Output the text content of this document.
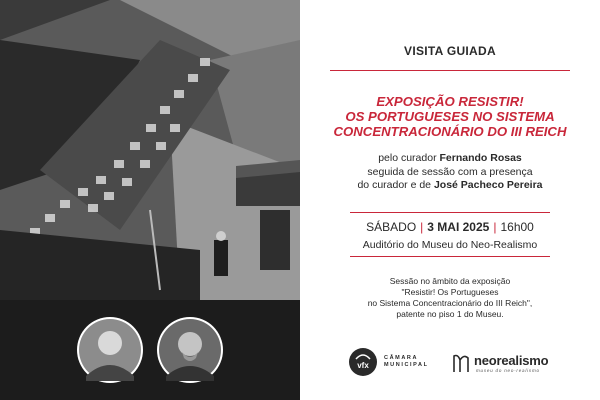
VISITA GUIADA
EXPOSIÇÃO RESISTIR!
OS PORTUGUESES NO SISTEMA
CONCENTRACIONÁRIO DO III REICH
pelo curador Fernando Rosas
seguida de sessão com a presença
do curador e de José Pacheco Pereira
SÁBADO | 3 MAI 2025 | 16h00
Auditório do Museu do Neo-Realismo
Sessão no âmbito da exposição
"Resistir! Os Portugueses
no Sistema Concentracionário do III Reich",
patente no piso 1 do Museu.
vfx
CÂMARA
MUNICIPAL	neorealismo
museu do neo-realismo
